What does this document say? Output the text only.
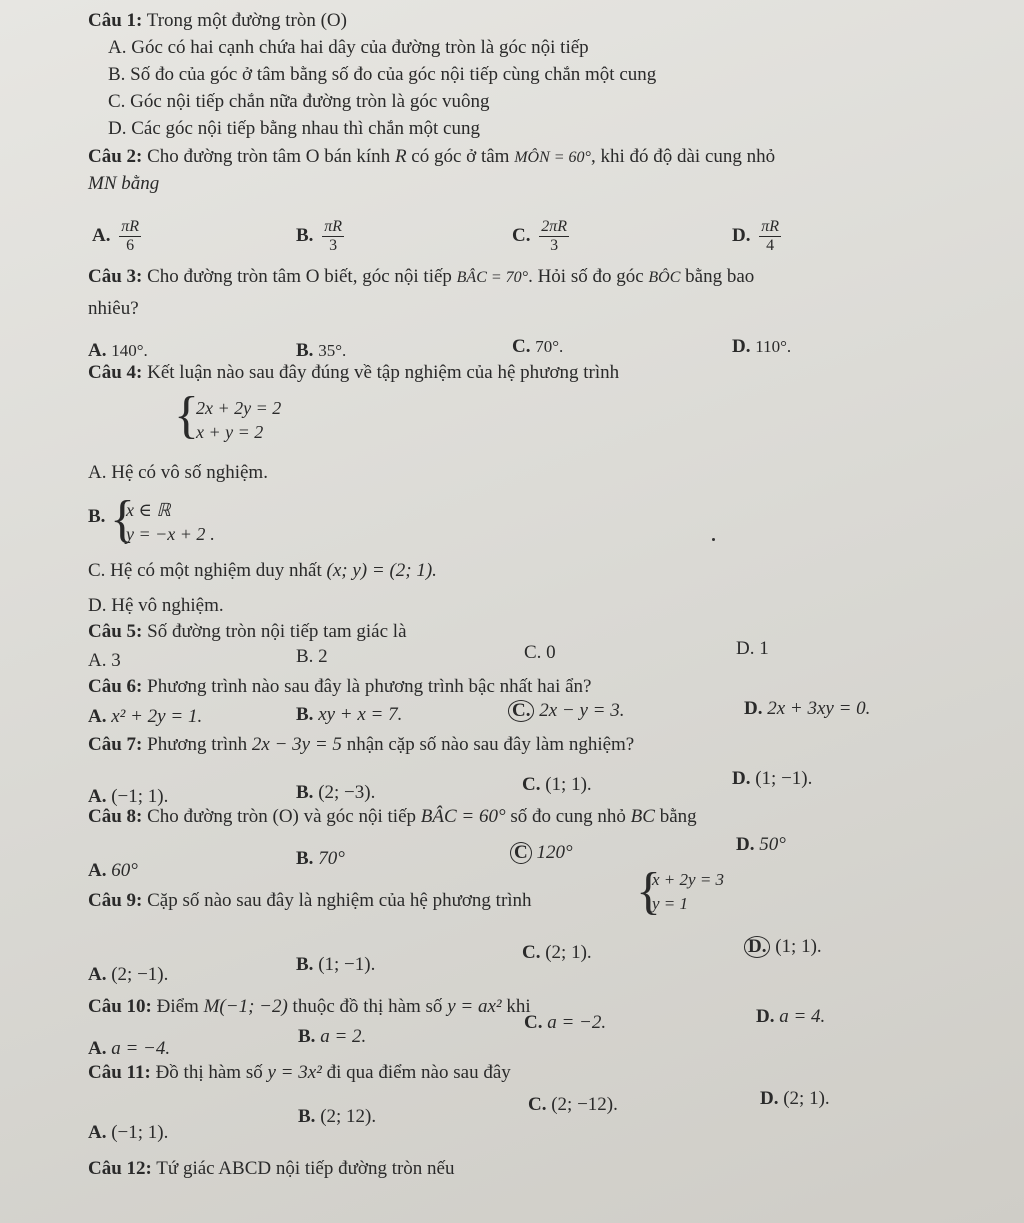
Câu 1: Trong một đường tròn (O)
A. Góc có hai cạnh chứa hai dây của đường tròn là góc nội tiếp
B. Số đo của góc ở tâm bằng số đo của góc nội tiếp cùng chắn một cung
C. Góc nội tiếp chắn nữa đường tròn là góc vuông
D. Các góc nội tiếp bằng nhau thì chắn một cung
Câu 2: Cho đường tròn tâm O bán kính R có góc ở tâm MÔN = 60°, khi đó độ dài cung nhỏ
MN bằng
A. $\frac{\pi R}{6}$	B. $\frac{\pi R}{3}$	C. $\frac{2\pi R}{3}$	D. $\frac{\pi R}{4}$
Câu 3: Cho đường tròn tâm O biết, góc nội tiếp BÂC = 70°. Hỏi số đo góc BÔC bằng bao
nhiêu?
A. 140°.	B. 35°.	C. 70°.	D. 110°.
Câu 4: Kết luận nào sau đây đúng về tập nghiệm của hệ phương trình
{
2x + 2y = 2
x + y = 2
A. Hệ có vô số nghiệm.
B. {
x ∈ ℝ
y = −x + 2 .
C. Hệ có một nghiệm duy nhất (x; y) = (2; 1).
D. Hệ vô nghiệm.
Câu 5: Số đường tròn nội tiếp tam giác là
A. 3	B. 2	C. 0	D. 1
Câu 6: Phương trình nào sau đây là phương trình bậc nhất hai ẩn?
A. x² + 2y = 1.	B. xy + x = 7.	C. 2x − y = 3.	D. 2x + 3xy = 0.
Câu 7: Phương trình 2x − 3y = 5 nhận cặp số nào sau đây làm nghiệm?
A. (−1; 1).	B. (2; −3).	C. (1; 1).	D. (1; −1).
Câu 8: Cho đường tròn (O) và góc nội tiếp BÂC = 60° số đo cung nhỏ BC bằng
A. 60°
B. 70°	C 120°	D. 50°
Câu 9: Cặp số nào sau đây là nghiệm của hệ phương trình {
x + 2y = 3
y = 1
A. (2; −1).	B. (1; −1).
C. (2; 1).	D. (1; 1).
Câu 10: Điểm M(−1; −2) thuộc đồ thị hàm số y = ax² khi
A. a = −4.
B. a = 2.
C. a = −2.	D. a = 4.
Câu 11: Đồ thị hàm số y = 3x² đi qua điểm nào sau đây
A. (−1; 1).
B. (2; 12).
C. (2; −12).	D. (2; 1).
Câu 12: Tứ giác ABCD nội tiếp đường tròn nếu
